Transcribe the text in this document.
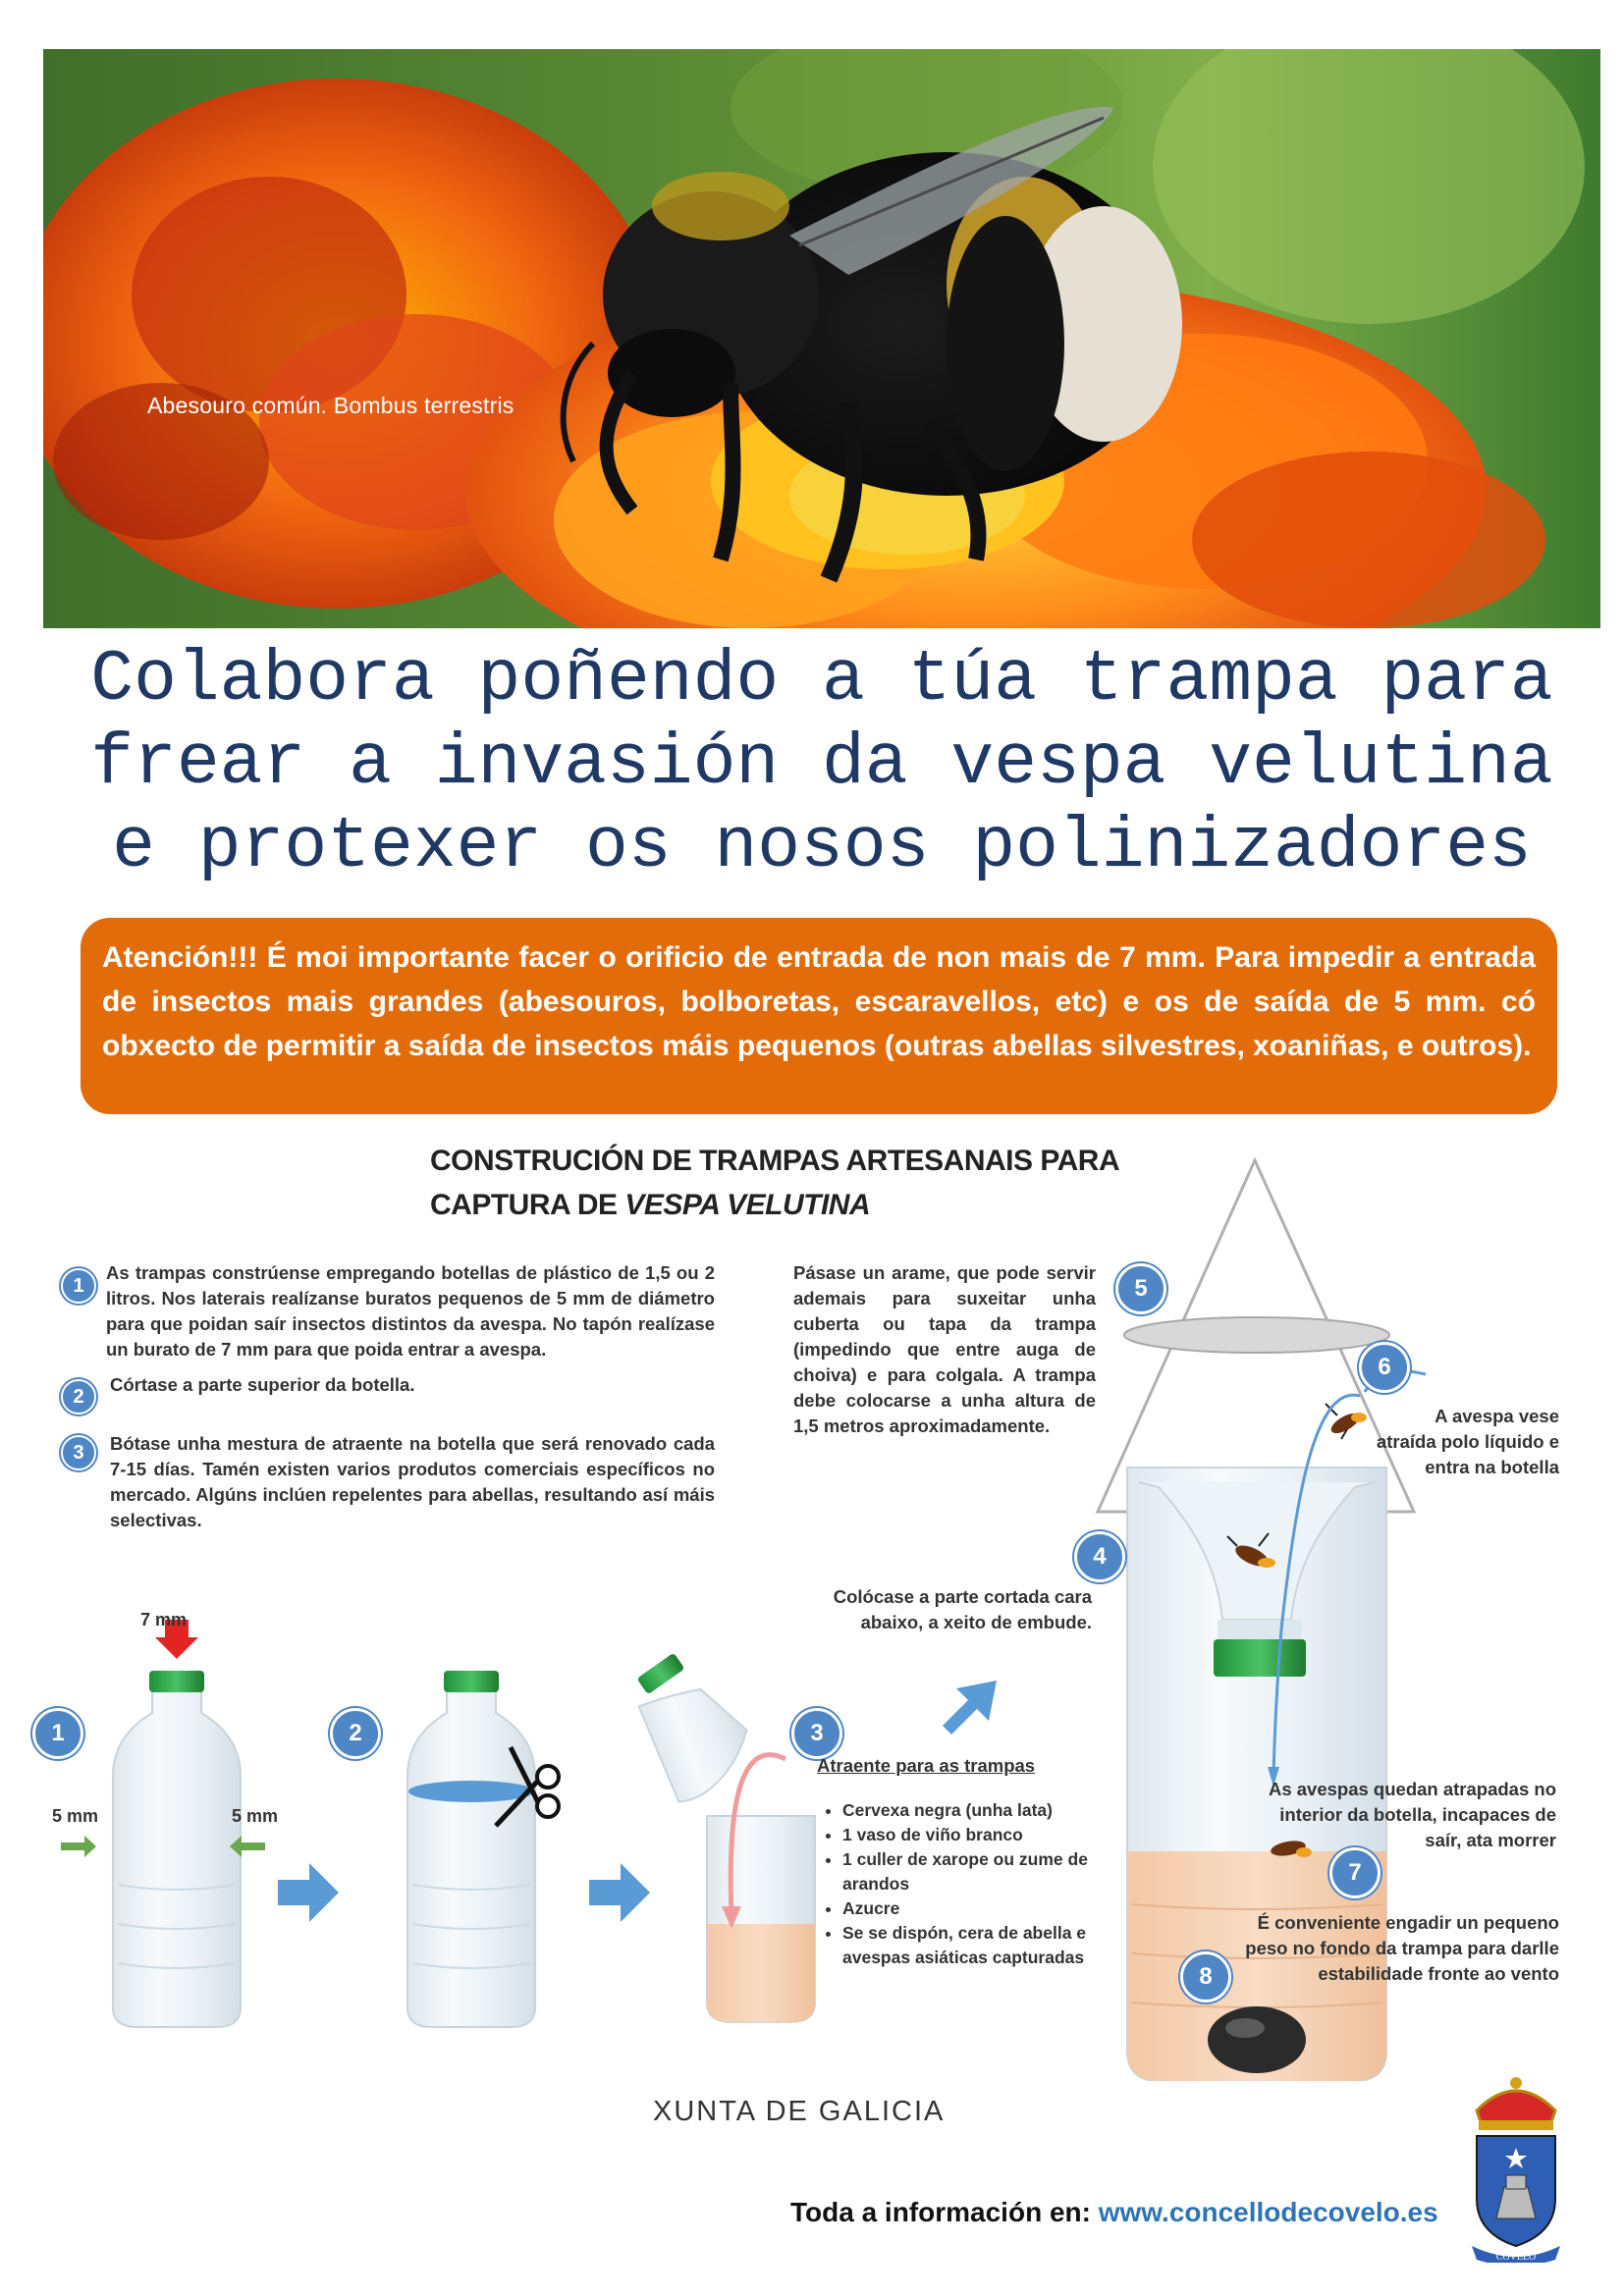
Abesouro común. Bombus terrestris
Colabora poñendo a túa trampa para
frear a invasión da vespa velutina
e protexer os nosos polinizadores
Atención!!! É moi importante facer o orificio de entrada de non mais de 7 mm. Para impedir a entrada de insectos mais grandes (abesouros, bolboretas, escaravellos, etc) e os de saída de 5 mm. có obxecto de permitir a saída de insectos máis pequenos (outras abellas silvestres, xoaniñas, e outros).
CONSTRUCIÓN DE TRAMPAS ARTESANAIS PARA
CAPTURA DE VESPA VELUTINA
1
As trampas constrúense empregando botellas de plástico de 1,5 ou 2 litros. Nos laterais realízanse buratos pequenos de 5 mm de diámetro para que poidan saír insectos distintos da avespa. No tapón realízase un burato de 7 mm para que poida entrar a avespa.
2
Córtase a parte superior da botella.
3	Bótase unha mestura de atraente na botella que será renovado cada 7-15 días. Tamén existen varios produtos comerciais específicos no mercado. Algúns inclúen repelentes para abellas, resultando así máis selectivas.
Pásase un arame, que pode servir ademais para suxeitar unha cuberta ou tapa da trampa (impedindo que entre auga de choiva) e para colgala. A trampa debe colocarse a unha altura de 1,5 metros aproximadamente.
7 mm
5 mm	5 mm
1	2	3
4
5
6
7
8
Colócase a parte cortada cara abaixo, a xeito de embude.
A avespa vese atraída polo líquido e entra na botella
As avespas quedan atrapadas no interior da botella, incapaces de saír, ata morrer
É conveniente engadir un pequeno peso no fondo da trampa para darlle estabilidade fronte ao vento
Atraente para as trampas
• Cervexa negra (unha lata)
• 1 vaso de viño branco
• 1 culler de xarope ou zume de arandos
• Azucre
• Se se dispón, cera de abella e avespas asiáticas capturadas
XUNTA DE GALICIA
Toda a información en: www.concellodecovelo.es
COVELO
